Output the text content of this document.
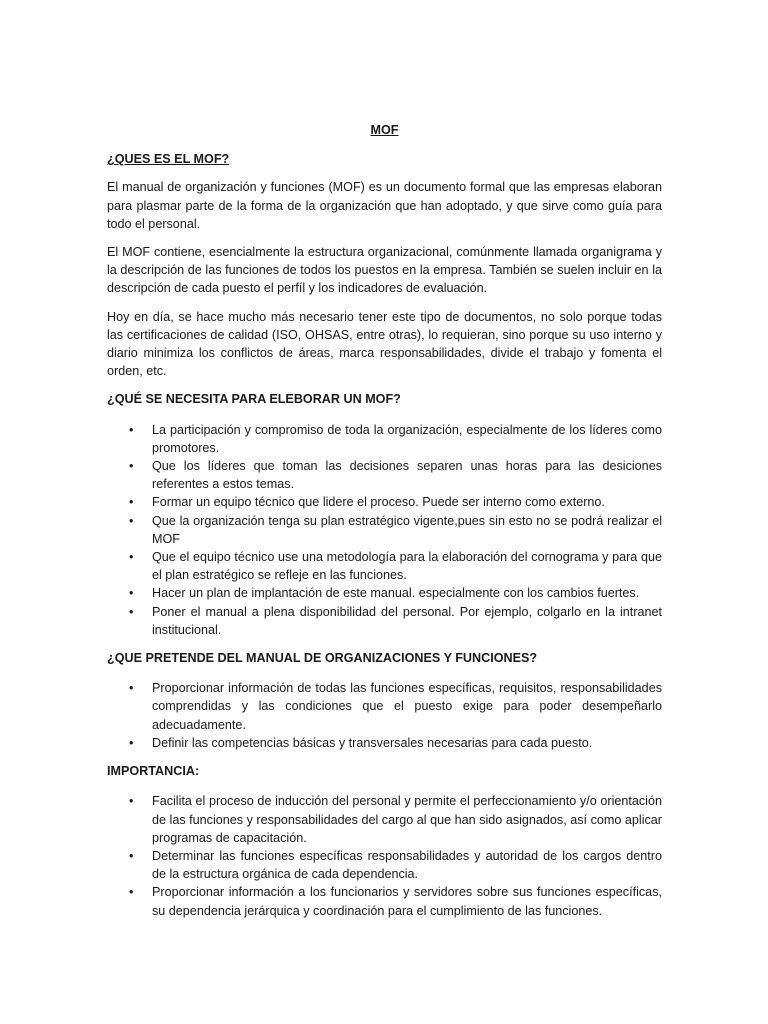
MOF
¿QUES ES EL MOF?

El manual de organización y funciones (MOF) es un documento formal que las empresas elaboran para plasmar parte de la forma de la organización que han adoptado, y que sirve como guía para todo el personal.

El MOF contiene, esencialmente la estructura organizacional, comúnmente llamada organigrama y la descripción de las funciones de todos los puestos en la empresa. También se suelen incluir en la descripción de cada puesto el perfíl y los indicadores de evaluación.

Hoy en día, se hace mucho más necesario tener este tipo de documentos, no solo porque todas las certificaciones de calidad (ISO, OHSAS, entre otras), lo requieran, sino porque su uso interno y diario minimiza los conflictos de áreas, marca responsabilidades, divide el trabajo y fomenta el orden, etc.

¿QUÉ SE NECESITA PARA ELEBORAR UN MOF?
• La participación y compromiso de toda la organización, especialmente de los líderes como promotores.
• Que los líderes que toman las decisiones separen unas horas para las desiciones referentes a estos temas.
• Formar un equipo técnico que lidere el proceso. Puede ser interno como externo.
• Que la organización tenga su plan estratégico vigente,pues sin esto no se podrá realizar el MOF
• Que el equipo técnico use una metodología para la elaboración del cornograma y para que el plan estratégico se refleje en las funciones.
• Hacer un plan de implantación de este manual. especialmente con los cambios fuertes.
• Poner el manual a plena disponibilidad del personal. Por ejemplo, colgarlo en la intranet institucional.
¿QUE PRETENDE DEL MANUAL DE ORGANIZACIONES Y FUNCIONES?
• Proporcionar información de todas las funciones específicas, requisitos, responsabilidades comprendidas y las condiciones que el puesto exige para poder desempeñarlo adecuadamente.
• Definir las competencias básicas y transversales necesarias para cada puesto.
IMPORTANCIA:
• Facilita el proceso de inducción del personal y permite el perfeccionamiento y/o orientación de las funciones y responsabilidades del cargo al que han sido asignados, así como aplicar programas de capacitación.
• Determinar las funciones específicas responsabilidades y autoridad de los cargos dentro de la estructura orgánica de cada dependencia.
• Proporcionar información a los funcionarios y servidores sobre sus funciones específicas, su dependencia jerárquica y coordinación para el cumplimiento de las funciones.
